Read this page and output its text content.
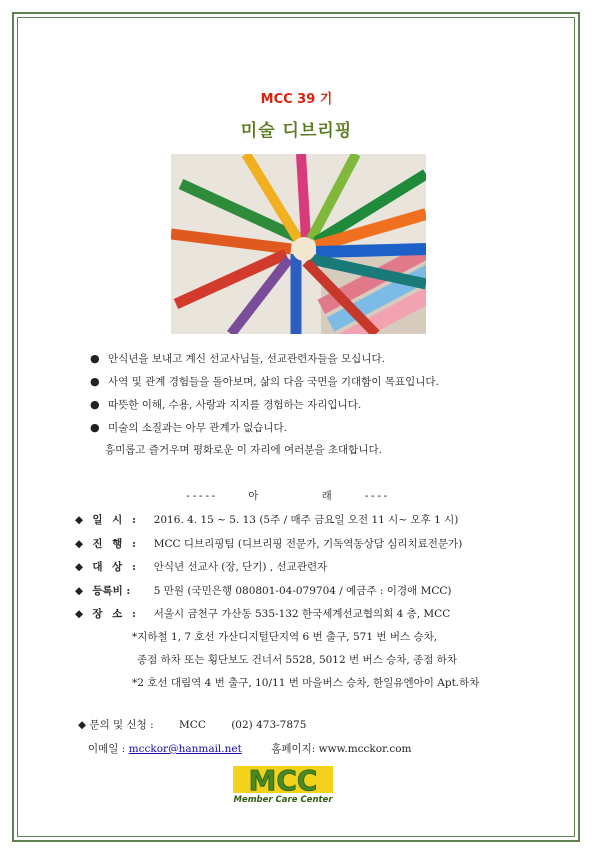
MCC 39 기
미술 디브리핑
● 안식년을 보내고 계신 선교사님들, 선교관련자들을 모십니다.
● 사역 및 관계 경험들을 돌아보며, 삶의 다음 국면을 기대함이 목표입니다.
● 따뜻한 이해, 수용, 사랑과 지지를 경험하는 자리입니다.
● 미술의 소질과는 아무 관계가 없습니다.
흥미롭고 즐거우며 평화로운 이 자리에 여러분을 초대합니다.
-----     아          래     ----
◆ 일 시 : 2016. 4. 15 ~ 5. 13 (5주 / 매주 금요일 오전 11 시~ 오후 1 시)
◆ 진 행 : MCC 디브리핑팀 (디브리핑 전문가, 기독역동상담 심리치료전문가)
◆ 대 상 : 안식년 선교사 (장, 단기) , 선교관련자
◆ 등록비 : 5 만원 (국민은행 080801-04-079704 / 예금주 : 이경애 MCC)
◆ 장 소 : 서울시 금천구 가산동 535-132 한국세계선교협의회 4 층, MCC
*지하철 1, 7 호선 가산디지털단지역 6 번 출구, 571 번 버스 승차,
종점 하차 또는 횡단보도 건너서 5528, 5012 번 버스 승차, 종점 하차
*2 호선 대림역 4 번 출구, 10/11 번 마을버스 승차, 한일유엔아이 Apt.하차
◆ 문의 및 신청 : MCC (02) 473-7875
이메일 : mcckor@hanmail.net	홈페이지: www.mcckor.com
MCC
Member Care Center
